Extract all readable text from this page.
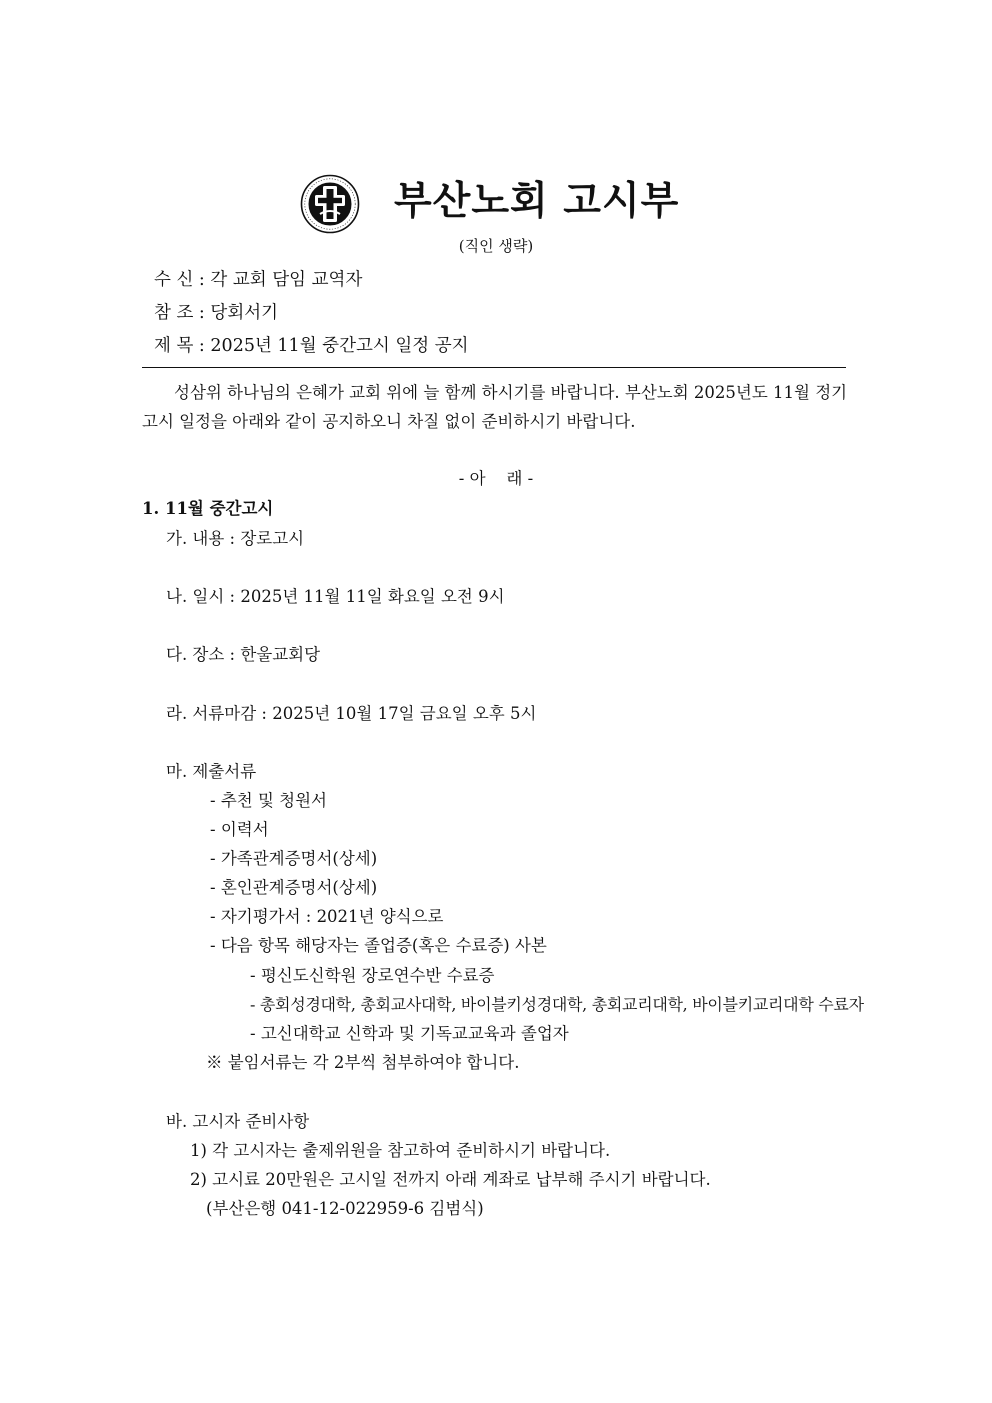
부산노회 고시부
(직인 생략)
수 신 : 각 교회 담임 교역자
참 조 : 당회서기
제 목 : 2025년 11월 중간고시 일정 공지
성삼위 하나님의 은혜가 교회 위에 늘 함께 하시기를 바랍니다. 부산노회 2025년도 11월 정기
고시 일정을 아래와 같이 공지하오니 차질 없이 준비하시기 바랍니다.
- 아    래 -
1. 11월 중간고시
가. 내용 : 장로고시
나. 일시 : 2025년 11월 11일 화요일 오전 9시
다. 장소 : 한울교회당
라. 서류마감 : 2025년 10월 17일 금요일 오후 5시
마. 제출서류
- 추천 및 청원서
- 이력서
- 가족관계증명서(상세)
- 혼인관계증명서(상세)
- 자기평가서 : 2021년 양식으로
- 다음 항목 해당자는 졸업증(혹은 수료증) 사본
- 평신도신학원 장로연수반 수료증
- 총회성경대학, 총회교사대학, 바이블키성경대학, 총회교리대학, 바이블키교리대학 수료자
- 고신대학교 신학과 및 기독교교육과 졸업자
※ 붙임서류는 각 2부씩 첨부하여야 합니다.
바. 고시자 준비사항
1) 각 고시자는 출제위원을 참고하여 준비하시기 바랍니다.
2) 고시료 20만원은 고시일 전까지 아래 계좌로 납부해 주시기 바랍니다.
(부산은행 041-12-022959-6 김범식)
